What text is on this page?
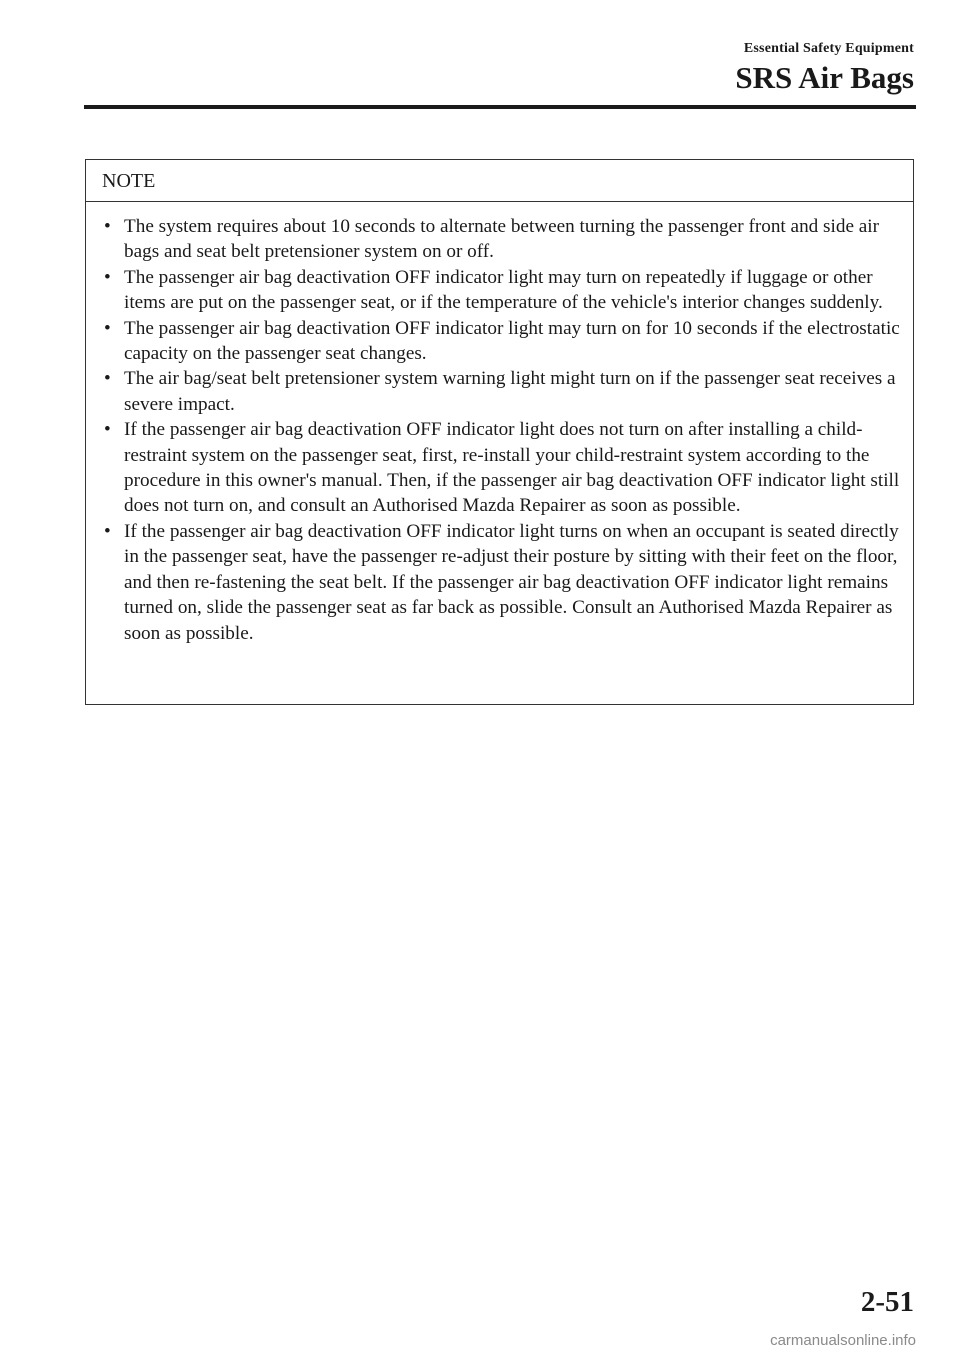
Essential Safety Equipment
SRS Air Bags
NOTE
• The system requires about 10 seconds to alternate between turning the passenger front and side air bags and seat belt pretensioner system on or off.
• The passenger air bag deactivation OFF indicator light may turn on repeatedly if luggage or other items are put on the passenger seat, or if the temperature of the vehicle's interior changes suddenly.
• The passenger air bag deactivation OFF indicator light may turn on for 10 seconds if the electrostatic capacity on the passenger seat changes.
• The air bag/seat belt pretensioner system warning light might turn on if the passenger seat receives a severe impact.
• If the passenger air bag deactivation OFF indicator light does not turn on after installing a child-restraint system on the passenger seat, first, re-install your child-restraint system according to the procedure in this owner's manual. Then, if the passenger air bag deactivation OFF indicator light still does not turn on, and consult an Authorised Mazda Repairer as soon as possible.
• If the passenger air bag deactivation OFF indicator light turns on when an occupant is seated directly in the passenger seat, have the passenger re-adjust their posture by sitting with their feet on the floor, and then re-fastening the seat belt. If the passenger air bag deactivation OFF indicator light remains turned on, slide the passenger seat as far back as possible. Consult an Authorised Mazda Repairer as soon as possible.
2-51
carmanualsonline.info
